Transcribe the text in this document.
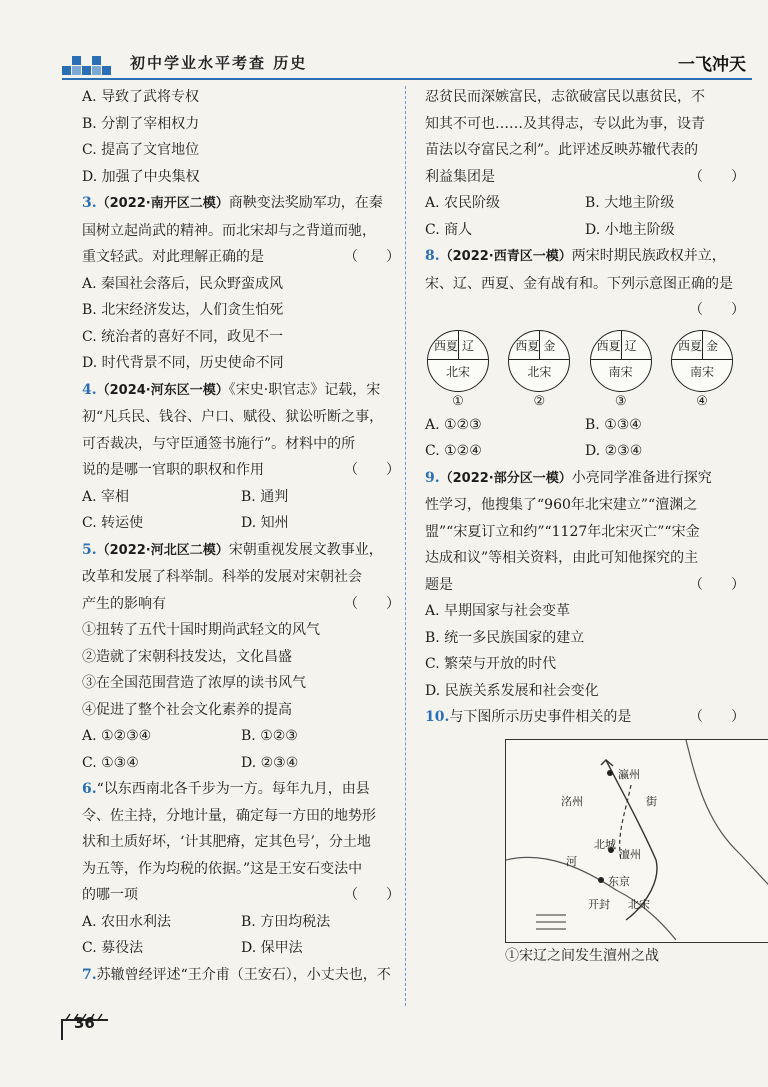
初中学业水平考查 历史	一飞冲天
A. 导致了武将专权
B. 分割了宰相权力
C. 提高了文官地位
D. 加强了中央集权
3.（2022·南开区二模）商鞅变法奖励军功，在秦
国树立起尚武的精神。而北宋却与之背道而驰，
重文轻武。对此理解正确的是	（　　）
A. 秦国社会落后，民众野蛮成风
B. 北宋经济发达，人们贪生怕死
C. 统治者的喜好不同，政见不一
D. 时代背景不同，历史使命不同
4.（2024·河东区一模）《宋史·职官志》记载，宋
初“凡兵民、钱谷、户口、赋役、狱讼听断之事，
可否裁决，与守臣通签书施行”。材料中的所
说的是哪一官职的职权和作用	（　　）
A. 宰相	B. 通判
C. 转运使	D. 知州
5.（2022·河北区二模）宋朝重视发展文教事业，
改革和发展了科举制。科举的发展对宋朝社会
产生的影响有	（　　）
①扭转了五代十国时期尚武轻文的风气
②造就了宋朝科技发达，文化昌盛
③在全国范围营造了浓厚的读书风气
④促进了整个社会文化素养的提高
A. ①②③④	B. ①②③
C. ①③④	D. ②③④
6.“以东西南北各千步为一方。每年九月，由县
令、佐主持，分地计量，确定每一方田的地势形
状和土质好坏，‘计其肥瘠，定其色号’，分土地
为五等，作为均税的依据。”这是王安石变法中
的哪一项	（　　）
A. 农田水利法	B. 方田均税法
C. 募役法	D. 保甲法
7.苏辙曾经评述“王介甫（王安石），小丈夫也，不
忍贫民而深嫉富民，志欲破富民以惠贫民，不
知其不可也……及其得志，专以此为事，设青
苗法以夺富民之利”。此评述反映苏辙代表的
利益集团是	（　　）
A. 农民阶级	B. 大地主阶级
C. 商人	D. 小地主阶级
8.（2022·西青区一模）两宋时期民族政权并立，
宋、辽、西夏、金有战有和。下列示意图正确的是
（　　）

西夏 辽
北宋
①
西夏 金
北宋
②
西夏 辽
南宋
③
西夏 金
南宋
④
A. ①②③	B. ①③④
C. ①②④	D. ②③④
9.（2022·部分区一模）小亮同学准备进行探究
性学习，他搜集了“960年北宋建立”“澶渊之
盟”“宋夏订立和约”“1127年北宋灭亡”“宋金
达成和议”等相关资料，由此可知他探究的主
题是	（　　）
A. 早期国家与社会变革
B. 统一多民族国家的建立
C. 繁荣与开放的时代
D. 民族关系发展和社会变化
10.与下图所示历史事件相关的是	（　　）
瀛州
洺州	街
河
北城
澶州
东京
开封 北宋
①宋辽之间发生澶州之战
36
